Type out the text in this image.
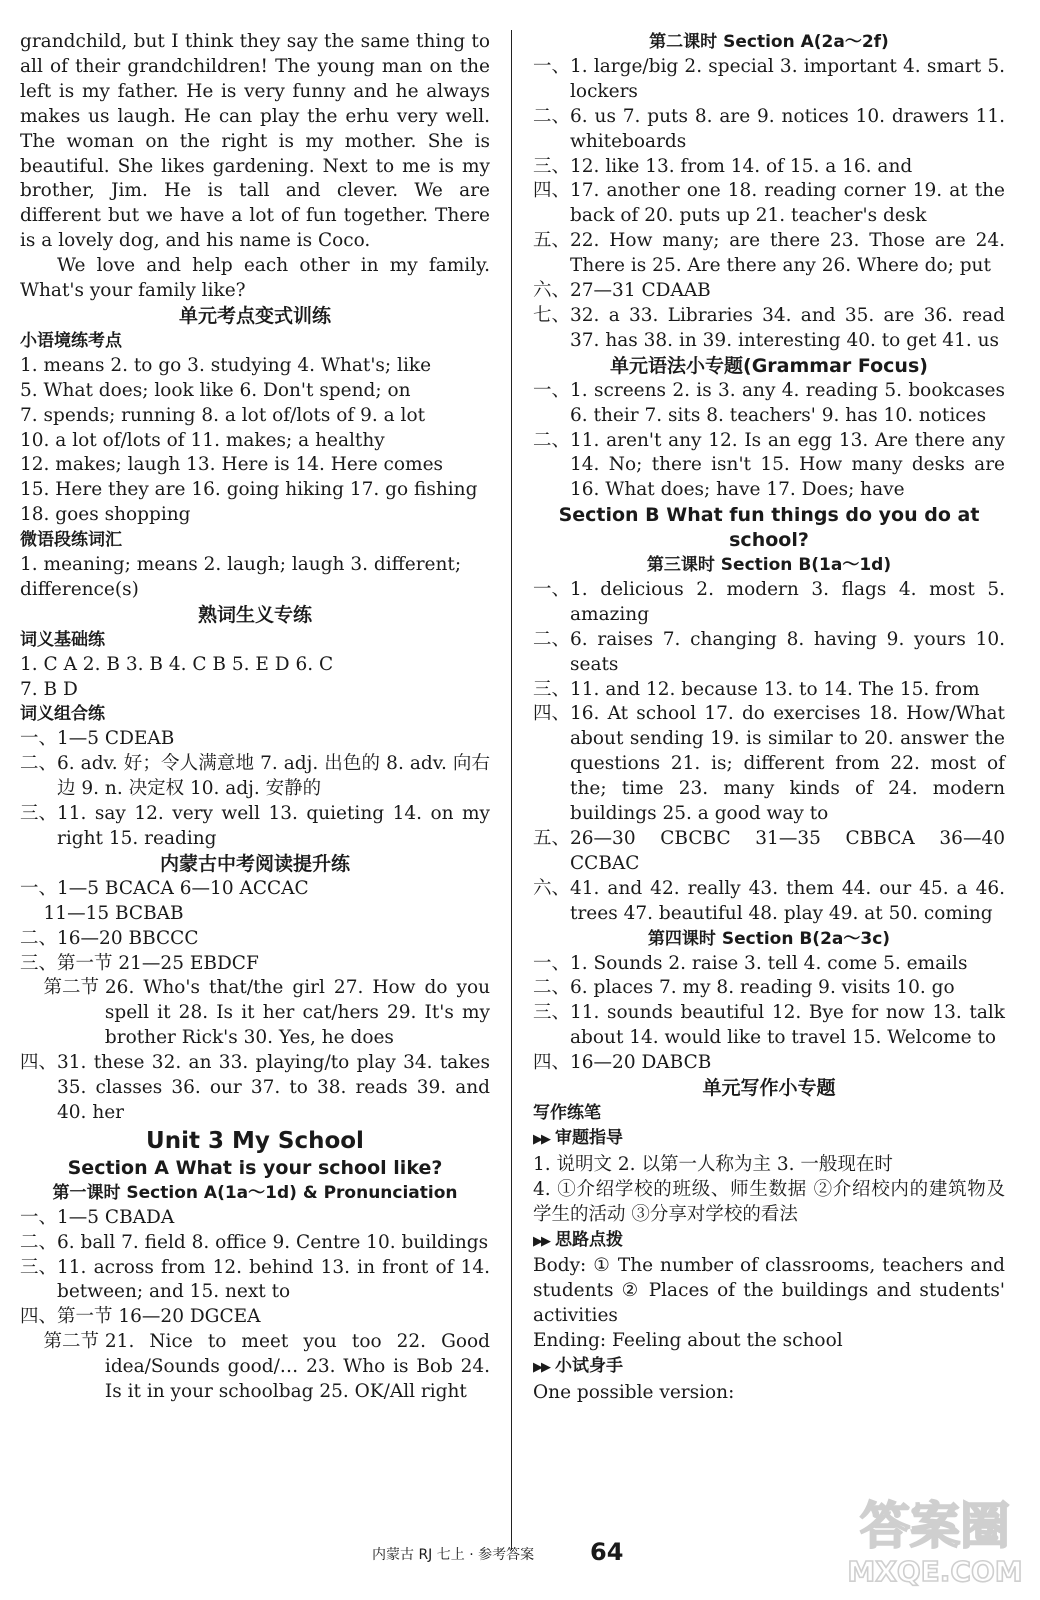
grandchild, but I think they say the same thing to all of their grandchildren! The young man on the left is my father. He is very funny and he always makes us laugh. He can play the erhu very well. The woman on the right is my mother. She is beautiful. She likes gardening. Next to me is my brother, Jim. He is tall and clever. We are different but we have a lot of fun together. There is a lovely dog, and his name is Coco.
We love and help each other in my family. What's your family like?
单元考点变式训练
小语境练考点
1. means 2. to go 3. studying 4. What's; like
5. What does; look like 6. Don't spend; on
7. spends; running 8. a lot of/lots of 9. a lot
10. a lot of/lots of 11. makes; a healthy
12. makes; laugh 13. Here is 14. Here comes
15. Here they are 16. going hiking 17. go fishing
18. goes shopping
微语段练词汇
1. meaning; means 2. laugh; laugh 3. different;
difference(s)
熟词生义专练
词义基础练
1. C A 2. B 3. B 4. C B 5. E D 6. C
7. B D
词义组合练
一、 1—5 CDEAB
二、 6. adv. 好；令人满意地 7. adj. 出色的 8. adv. 向右边 9. n. 决定权 10. adj. 安静的
三、 11. say 12. very well 13. quieting 14. on my right 15. reading
内蒙古中考阅读提升练
一、 1—5 BCACA 6—10 ACCAC

11—15 BCBAB
二、 16—20 BBCCC
三、第一节 21—25 EBDCF
第二节 26. Who's that/the girl 27. How do you spell it 28. Is it her cat/hers 29. It's my brother Rick's 30. Yes, he does
四、 31. these 32. an 33. playing/to play 34. takes 35. classes 36. our 37. to 38. reads 39. and 40. her
Unit 3 My School
Section A What is your school like?
第一课时 Section A(1a～1d) & Pronunciation
一、 1—5 CBADA
二、 6. ball 7. field 8. office 9. Centre 10. buildings
三、 11. across from 12. behind 13. in front of 14. between; and 15. next to
四、第一节 16—20 DGCEA
第二节 21. Nice to meet you too 22. Good idea/Sounds good/… 23. Who is Bob 24. Is it in your schoolbag 25. OK/All right
第二课时 Section A(2a～2f)
一、 1. large/big 2. special 3. important 4. smart 5. lockers
二、 6. us 7. puts 8. are 9. notices 10. drawers 11. whiteboards
三、 12. like 13. from 14. of 15. a 16. and
四、 17. another one 18. reading corner 19. at the back of 20. puts up 21. teacher's desk
五、 22. How many; are there 23. Those are 24. There is 25. Are there any 26. Where do; put
六、 27—31 CDAAB
七、 32. a 33. Libraries 34. and 35. are 36. read 37. has 38. in 39. interesting 40. to get 41. us
单元语法小专题(Grammar Focus)
一、 1. screens 2. is 3. any 4. reading 5. bookcases 6. their 7. sits 8. teachers' 9. has 10. notices
二、 11. aren't any 12. Is an egg 13. Are there any 14. No; there isn't 15. How many desks are 16. What does; have 17. Does; have
Section B What fun things do you do at school?
第三课时 Section B(1a～1d)
一、 1. delicious 2. modern 3. flags 4. most 5. amazing
二、 6. raises 7. changing 8. having 9. yours 10. seats
三、 11. and 12. because 13. to 14. The 15. from
四、 16. At school 17. do exercises 18. How/What about sending 19. is similar to 20. answer the questions 21. is; different from 22. most of the; time 23. many kinds of 24. modern buildings 25. a good way to
五、 26—30 CBCBC 31—35 CBBCA 36—40 CCBAC
六、 41. and 42. really 43. them 44. our 45. a 46. trees 47. beautiful 48. play 49. at 50. coming
第四课时 Section B(2a～3c)
一、 1. Sounds 2. raise 3. tell 4. come 5. emails
二、 6. places 7. my 8. reading 9. visits 10. go
三、 11. sounds beautiful 12. Bye for now 13. talk about 14. would like to travel 15. Welcome to
四、 16—20 DABCB
单元写作小专题
写作练笔
▶▶ 审题指导
1. 说明文 2. 以第一人称为主 3. 一般现在时
4. ①介绍学校的班级、师生数据 ②介绍校内的建筑物及学生的活动 ③分享对学校的看法
▶▶ 思路点拨
Body: ① The number of classrooms, teachers and students ② Places of the buildings and students' activities
Ending: Feeling about the school
▶▶ 小试身手
One possible version:
内蒙古 RJ 七上 · 参考答案 64	答案圈
MXQE.COM
